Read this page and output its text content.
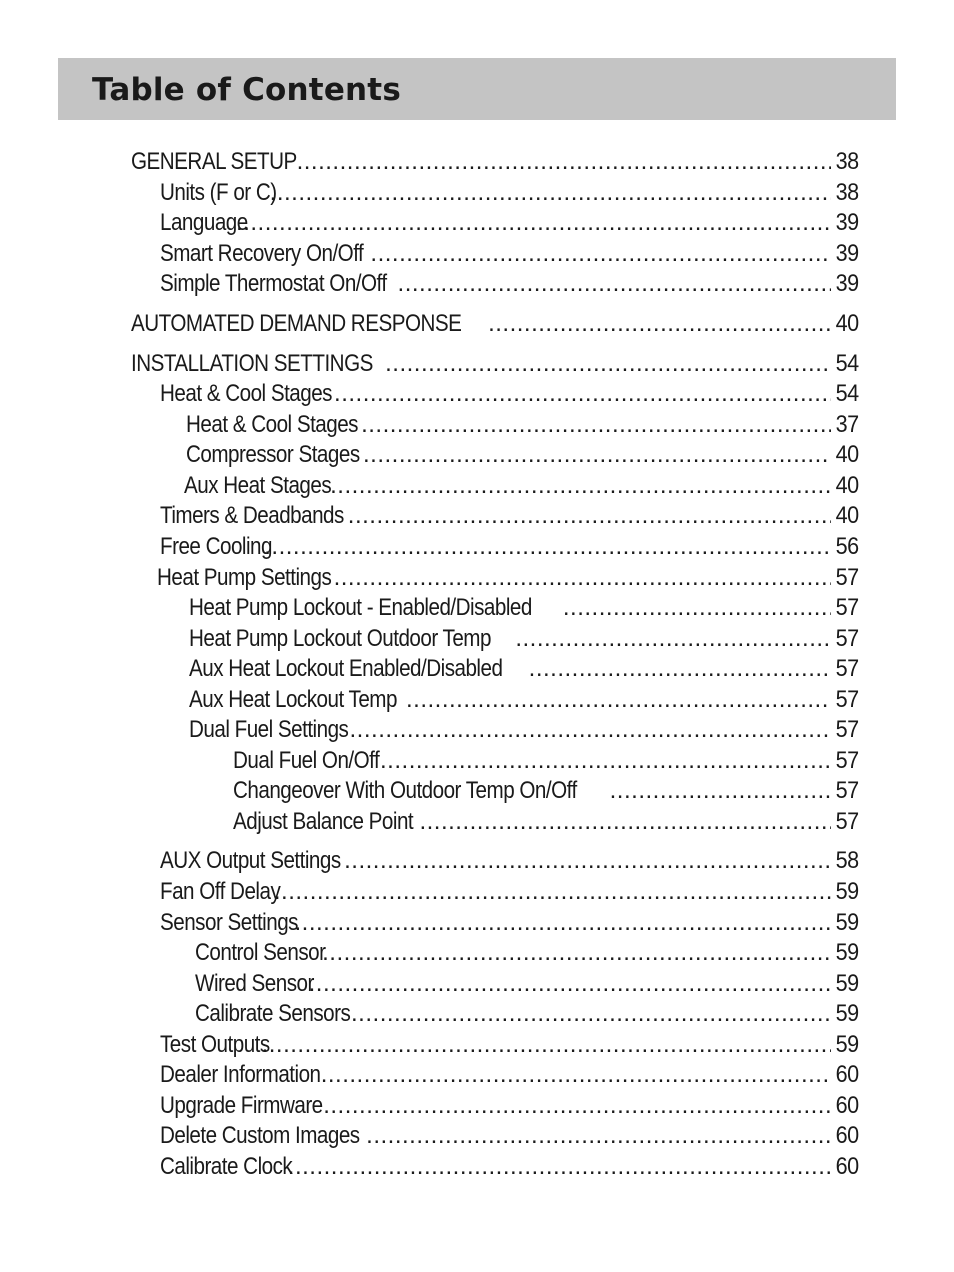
Table of Contents
GENERAL SETUP .....	38
Units (F or C) .....	38
Language .....	39
Smart Recovery On/Off .....	39
Simple Thermostat On/Off .....	39
AUTOMATED DEMAND RESPONSE .....	40
INSTALLATION SETTINGS .....	54
Heat & Cool Stages .....	54
Heat & Cool Stages .....	37
Compressor Stages .....	40
Aux Heat Stages .....	40
Timers & Deadbands .....	40
Free Cooling .....	56
Heat Pump Settings .....	57
Heat Pump Lockout - Enabled/Disabled .....	57
Heat Pump Lockout Outdoor Temp .....	57
Aux Heat Lockout Enabled/Disabled .....	57
Aux Heat Lockout Temp .....	57
Dual Fuel Settings .....	57
Dual Fuel On/Off .....	57
Changeover With Outdoor Temp On/Off .....	57
Adjust Balance Point .....	57
AUX Output Settings .....	58
Fan Off Delay .....	59
Sensor Settings .....	59
Control Sensor .....	59
Wired Sensor .....	59
Calibrate Sensors .....	59
Test Outputs .....	59
Dealer Information .....	60
Upgrade Firmware .....	60
Delete Custom Images .....	60
Calibrate Clock .....	60
